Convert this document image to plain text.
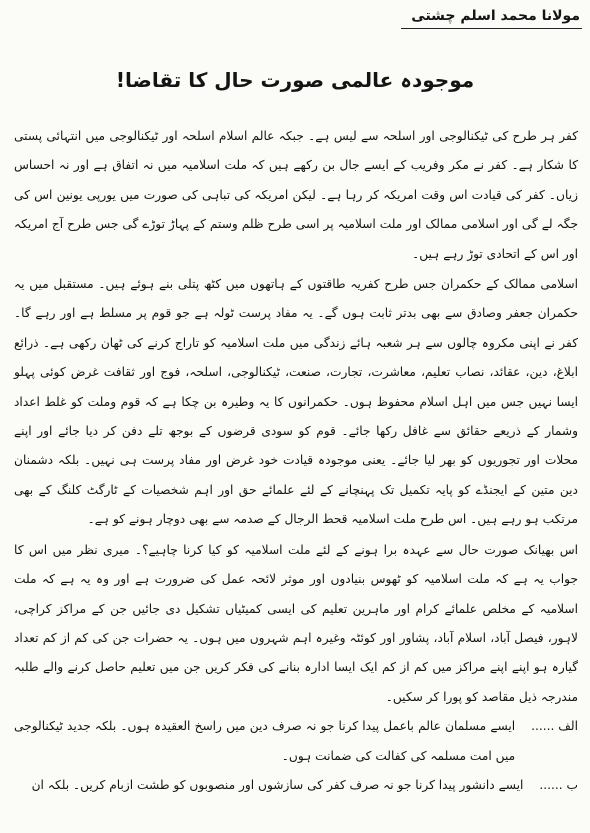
مولانا محمد اسلم چشتی
موجودہ عالمی صورت حال کا تقاضا!

کفر ہر طرح کی ٹیکنالوجی اور اسلحہ سے لیس ہے۔ جبکہ عالم اسلام اسلحہ اور ٹیکنالوجی میں انتہائی پستی کا شکار ہے۔ کفر نے مکر وفریب کے ایسے جال بن رکھے ہیں کہ ملت اسلامیہ میں نہ اتفاق ہے اور نہ احساس زیاں۔ کفر کی قیادت اس وقت امریکہ کر رہا ہے۔ لیکن امریکہ کی تباہی کی صورت میں یورپی یونین اس کی جگہ لے گی اور اسلامی ممالک اور ملت اسلامیہ پر اسی طرح ظلم وستم کے پہاڑ توڑے گی جس طرح آج امریکہ اور اس کے اتحادی توڑ رہے ہیں۔

اسلامی ممالک کے حکمران جس طرح کفریہ طاقتوں کے ہاتھوں میں کٹھ پتلی بنے ہوئے ہیں۔ مستقبل میں یہ حکمران جعفر وصادق سے بھی بدتر ثابت ہوں گے۔ یہ مفاد پرست ٹولہ ہے جو قوم پر مسلط ہے اور رہے گا۔ کفر نے اپنی مکروہ چالوں سے ہر شعبہ ہائے زندگی میں ملت اسلامیہ کو تاراج کرنے کی ٹھان رکھی ہے۔ ذرائع ابلاغ، دین، عقائد، نصاب تعلیم، معاشرت، تجارت، صنعت، ٹیکنالوجی، اسلحہ، فوج اور ثقافت غرض کوئی پہلو ایسا نہیں جس میں اہل اسلام محفوظ ہوں۔ حکمرانوں کا یہ وطیرہ بن چکا ہے کہ قوم وملت کو غلط اعداد وشمار کے ذریعے حقائق سے غافل رکھا جائے۔ قوم کو سودی قرضوں کے بوجھ تلے دفن کر دیا جائے اور اپنے محلات اور تجوریوں کو بھر لیا جائے۔ یعنی موجودہ قیادت خود غرض اور مفاد پرست ہی نہیں۔ بلکہ دشمنان دین متین کے ایجنڈے کو پایہ تکمیل تک پہنچانے کے لئے علمائے حق اور اہم شخصیات کے ٹارگٹ کلنگ کے بھی مرتکب ہو رہے ہیں۔ اس طرح ملت اسلامیہ قحط الرجال کے صدمہ سے بھی دوچار ہونے کو ہے۔

اس بھیانک صورت حال سے عہدہ برا ہونے کے لئے ملت اسلامیہ کو کیا کرنا چاہیے؟۔ میری نظر میں اس کا جواب یہ ہے کہ ملت اسلامیہ کو ٹھوس بنیادوں اور موثر لائحہ عمل کی ضرورت ہے اور وہ یہ ہے کہ ملت اسلامیہ کے مخلص علمائے کرام اور ماہرین تعلیم کی ایسی کمیٹیاں تشکیل دی جائیں جن کے مراکز کراچی، لاہور، فیصل آباد، اسلام آباد، پشاور اور کوئٹہ وغیرہ اہم شہروں میں ہوں۔ یہ حضرات جن کی کم از کم تعداد گیارہ ہو اپنے اپنے مراکز میں کم از کم ایک ایسا ادارہ بنانے کی فکر کریں جن میں تعلیم حاصل کرنے والے طلبہ مندرجہ ذیل مقاصد کو پورا کر سکیں۔

الف ......
ایسے مسلمان عالم باعمل پیدا کرنا جو نہ صرف دین میں راسخ العقیدہ ہوں۔ بلکہ جدید ٹیکنالوجی میں امت مسلمہ کی کفالت کی ضمانت ہوں۔
ب ......
ایسے دانشور پیدا کرنا جو نہ صرف کفر کی سازشوں اور منصوبوں کو طشت ازبام کریں۔ بلکہ ان
